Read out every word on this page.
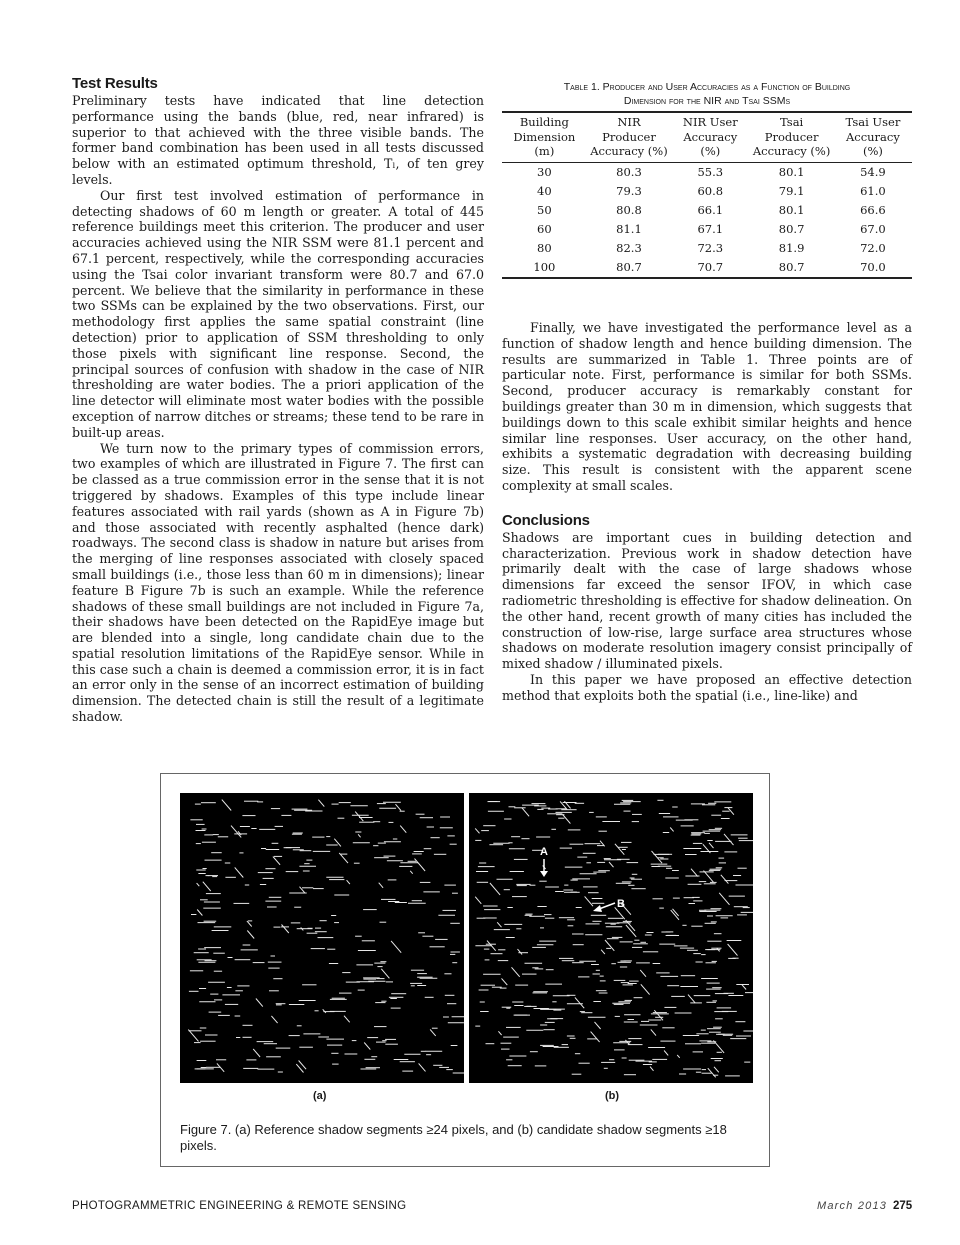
Test Results

Preliminary tests have indicated that line detection performance using the bands (blue, red, near infrared) is superior to that achieved with the three visible bands. The former band combination has been used in all tests discussed below with an estimated optimum threshold, Tₗ, of ten grey levels.

Our first test involved estimation of performance in detecting shadows of 60 m length or greater. A total of 445 reference buildings meet this criterion. The producer and user accuracies achieved using the NIR SSM were 81.1 percent and 67.1 percent, respectively, while the corresponding accuracies using the Tsai color invariant transform were 80.7 and 67.0 percent. We believe that the similarity in performance in these two SSMs can be explained by the two observations. First, our methodology first applies the same spatial constraint (line detection) prior to application of SSM thresholding to only those pixels with significant line response. Second, the principal sources of confusion with shadow in the case of NIR thresholding are water bodies. The a priori application of the line detector will eliminate most water bodies with the possible exception of narrow ditches or streams; these tend to be rare in built-up areas.

We turn now to the primary types of commission errors, two examples of which are illustrated in Figure 7. The first can be classed as a true commission error in the sense that it is not triggered by shadows. Examples of this type include linear features associated with rail yards (shown as A in Figure 7b) and those associated with recently asphalted (hence dark) roadways. The second class is shadow in nature but arises from the merging of line responses associated with closely spaced small buildings (i.e., those less than 60 m in dimensions); linear feature B Figure 7b is such an example. While the reference shadows of these small buildings are not included in Figure 7a, their shadows have been detected on the RapidEye image but are blended into a single, long candidate chain due to the spatial resolution limitations of the RapidEye sensor. While in this case such a chain is deemed a commission error, it is in fact an error only in the sense of an incorrect estimation of building dimension. The detected chain is still the result of a legitimate shadow.

Table 1. Producer and User Accuracies as a Function of Building
Dimension for the NIR and Tsai SSMs
Building Dimension (m)	NIR Producer Accuracy (%)	NIR User Accuracy (%)	Tsai Producer Accuracy (%)	Tsai User Accuracy (%)
30	80.3	55.3	80.1	54.9
40	79.3	60.8	79.1	61.0
50	80.8	66.1	80.1	66.6
60	81.1	67.1	80.7	67.0
80	82.3	72.3	81.9	72.0
100	80.7	70.7	80.7	70.0

Finally, we have investigated the performance level as a function of shadow length and hence building dimension. The results are summarized in Table 1. Three points are of particular note. First, performance is similar for both SSMs. Second, producer accuracy is remarkably constant for buildings greater than 30 m in dimension, which suggests that buildings down to this scale exhibit similar heights and hence similar line responses. User accuracy, on the other hand, exhibits a systematic degradation with decreasing building size. This result is consistent with the apparent scene complexity at small scales.

Conclusions

Shadows are important cues in building detection and characterization. Previous work in shadow detection have primarily dealt with the case of large shadows whose dimensions far exceed the sensor IFOV, in which case radiometric thresholding is effective for shadow delineation. On the other hand, recent growth of many cities has included the construction of low-rise, large surface area structures whose shadows on moderate resolution imagery consist principally of mixed shadow / illuminated pixels.

In this paper we have proposed an effective detection method that exploits both the spatial (i.e., line-like) and

A
B
(a)	(b)
Figure 7. (a) Reference shadow segments ≥24 pixels, and (b) candidate shadow segments ≥18 pixels.
PHOTOGRAMMETRIC ENGINEERING & REMOTE SENSING	March 2013 275
